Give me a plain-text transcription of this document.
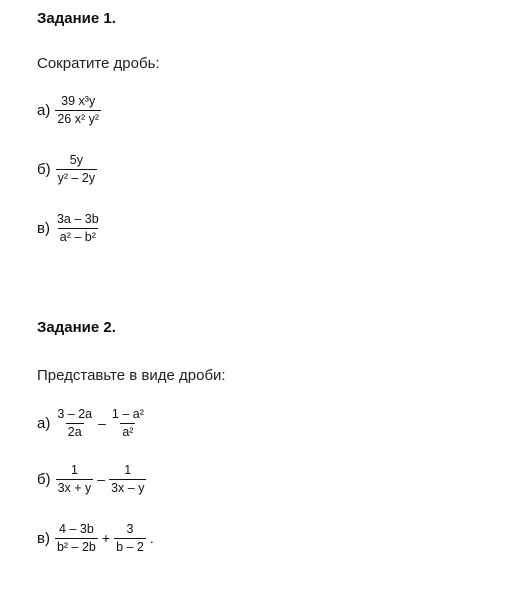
Задание 1.
Сократите дробь:
$а) \frac{\text{39 x³y}}{\text{26 x² y²}}$
$б) \frac{5y}{\text{y² – 2y}}$
$в) \frac{3a - 3b}{\text{a² – b²}}$
Задание 2.
Представьте в виде дроби:
$а) \frac{3 - 2a}{2a} - \frac{\text{1 – a²}}{\text{a²}}$
$б) \frac{1}{3x + y} - \frac{1}{3x - y}$
$в) \frac{4 - 3b}{\text{b² – 2b}} + \frac{3}{b - 2}$ .
